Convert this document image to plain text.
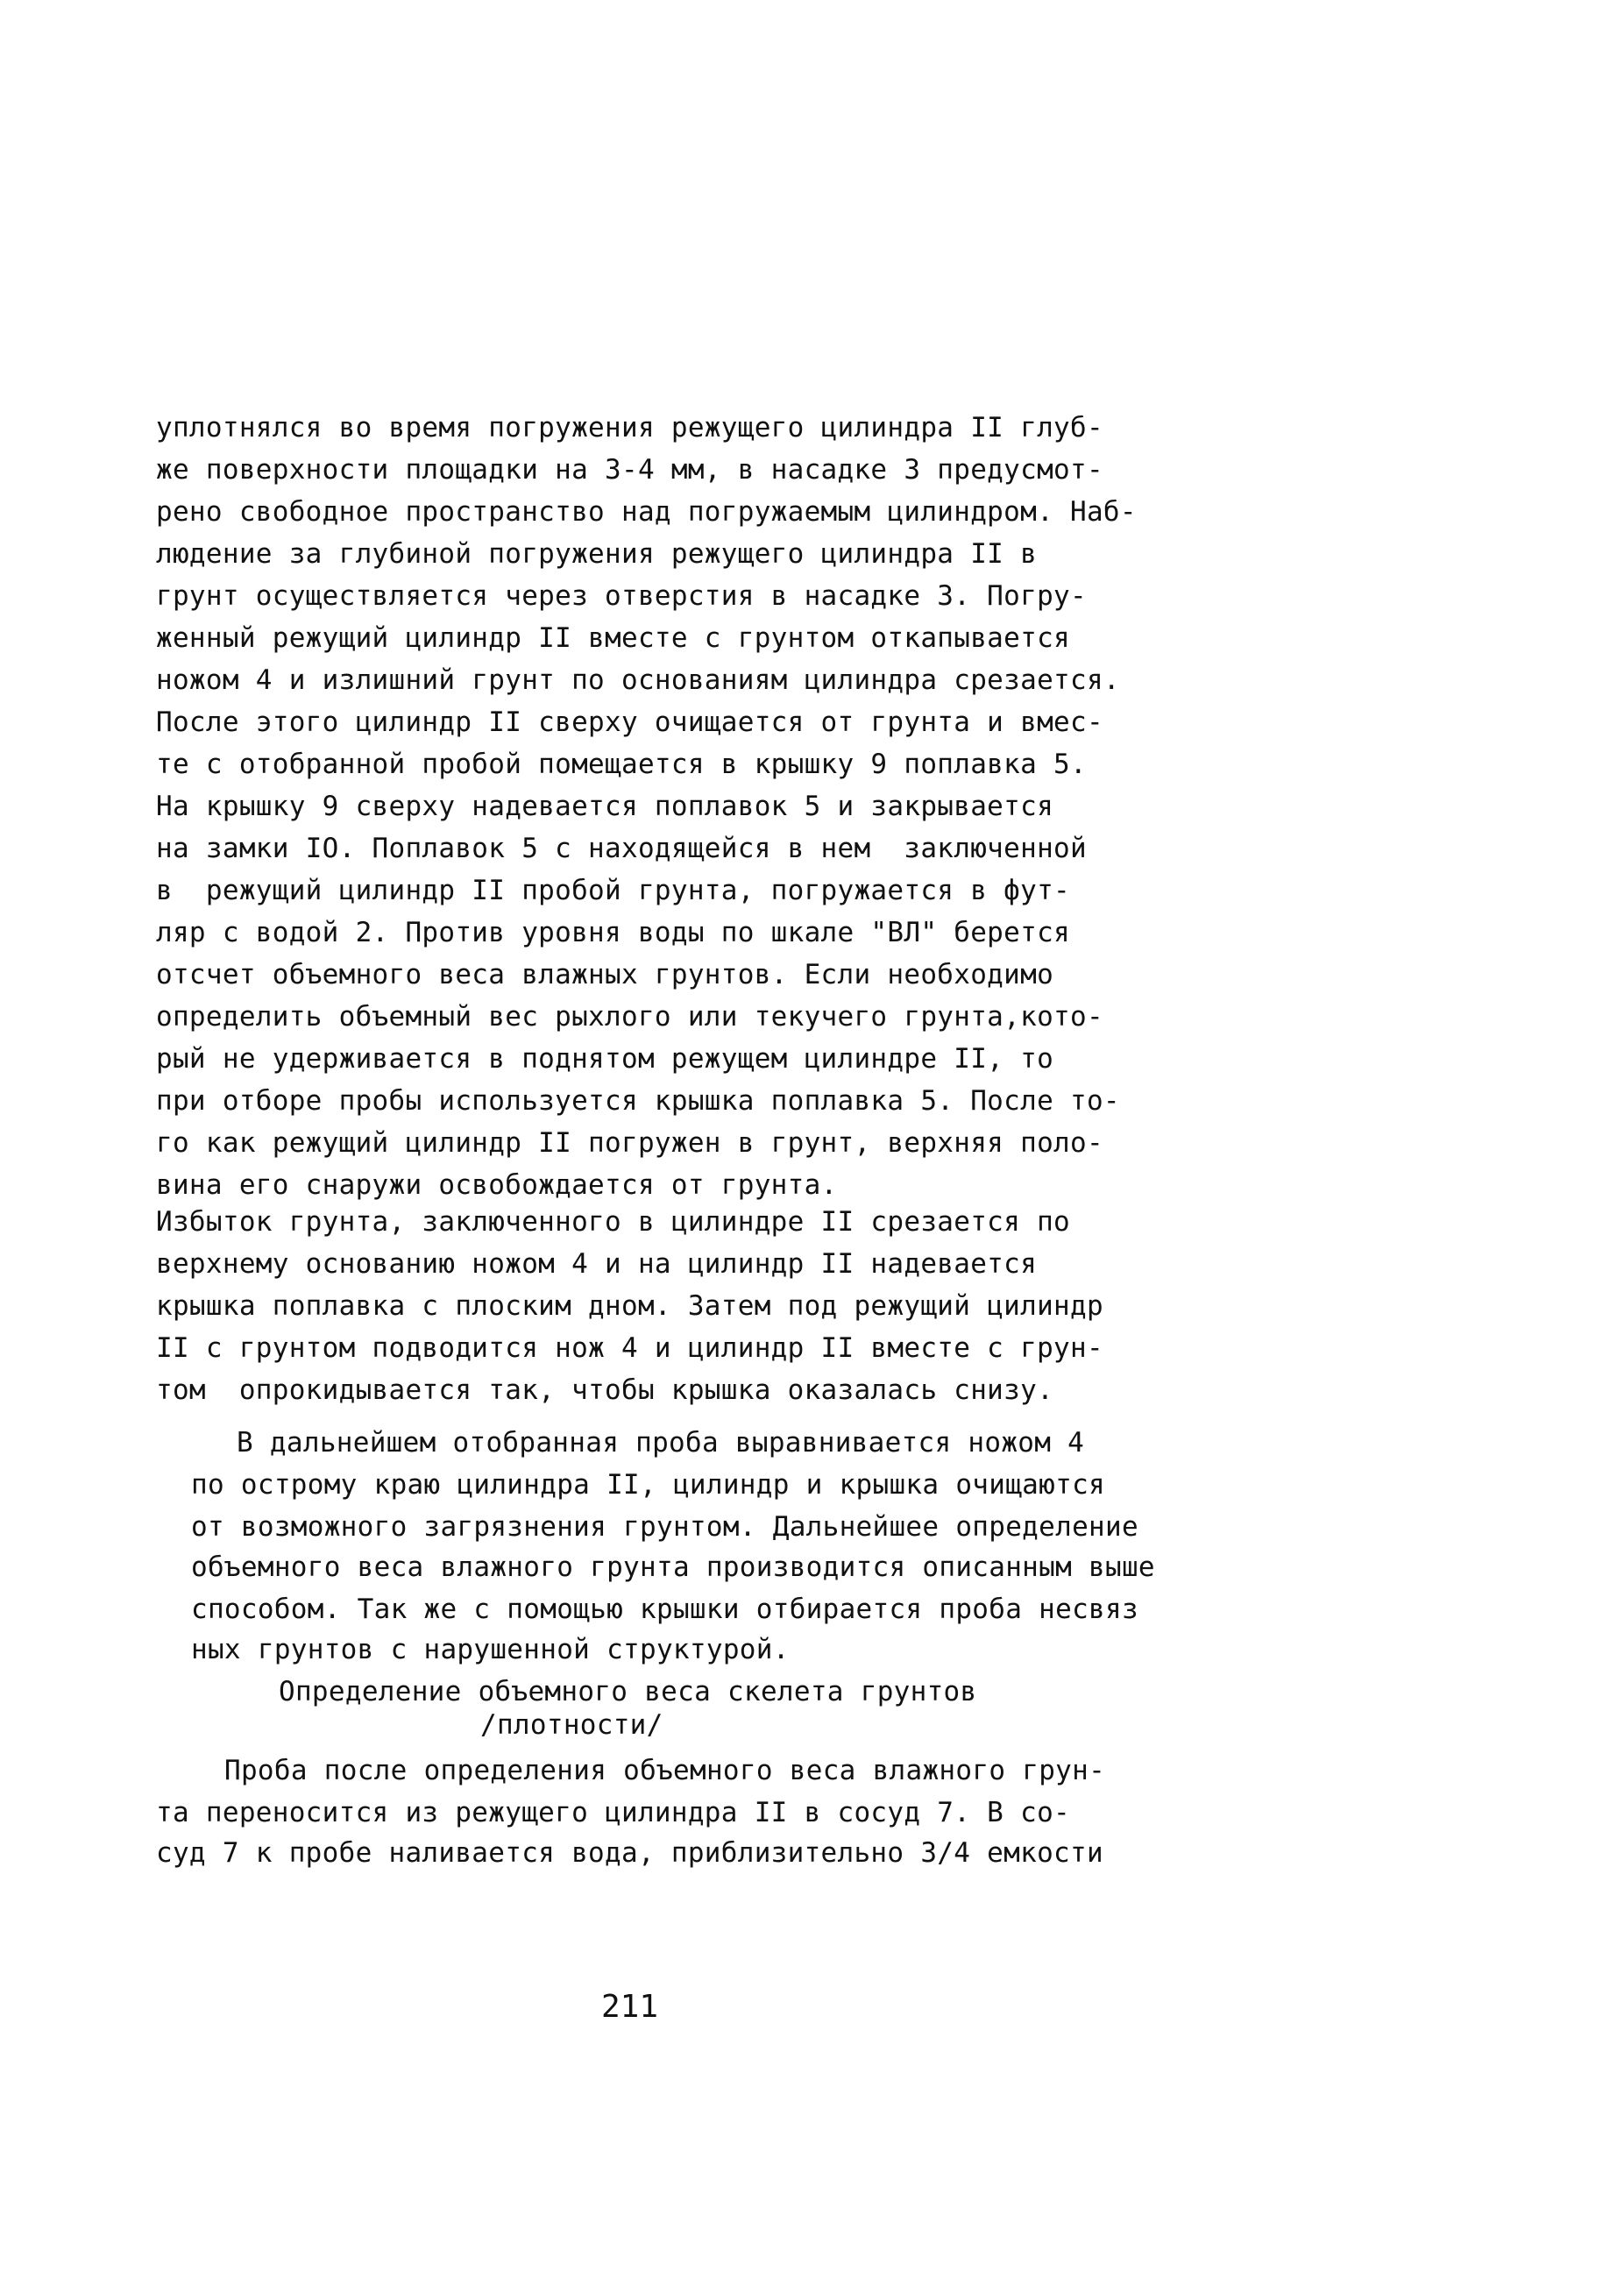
уплотнялся во время погружения режущего цилиндра II глуб-
же поверхности площадки на 3-4 мм, в насадке 3 предусмот-
рено свободное пространство над погружаемым цилиндром. Наб-
людение за глубиной погружения режущего цилиндра II в
грунт осуществляется через отверстия в насадке 3. Погру-
женный режущий цилиндр II вместе с грунтом откапывается
ножом 4 и излишний грунт по основаниям цилиндра срезается.
После этого цилиндр II сверху очищается от грунта и вмес-
те с отобранной пробой помещается в крышку 9 поплавка 5.
На крышку 9 сверху надевается поплавок 5 и закрывается
на замки IO. Поплавок 5 с находящейся в нем  заключенной
в  режущий цилиндр II пробой грунта, погружается в фут-
ляр с водой 2. Против уровня воды по шкале "ВЛ" берется
отсчет объемного веса влажных грунтов. Если необходимо
определить объемный вес рыхлого или текучего грунта,кото-
рый не удерживается в поднятом режущем цилиндре II, то
при отборе пробы используется крышка поплавка 5. После то-
го как режущий цилиндр II погружен в грунт, верхняя поло-
вина его снаружи освобождается от грунта.
Избыток грунта, заключенного в цилиндре II срезается по
верхнему основанию ножом 4 и на цилиндр II надевается
крышка поплавка с плоским дном. Затем под режущий цилиндр
II с грунтом подводится нож 4 и цилиндр II вместе с грун-
том  опрокидывается так, чтобы крышка оказалась снизу.
В дальнейшем отобранная проба выравнивается ножом 4
по острому краю цилиндра II, цилиндр и крышка очищаются
от возможного загрязнения грунтом. Дальнейшее определение
объемного веса влажного грунта производится описанным выше
способом. Так же с помощью крышки отбирается проба несвяз
ных грунтов с нарушенной структурой.
Определение объемного веса скелета грунтов
/плотности/
Проба после определения объемного веса влажного грун-
та переносится из режущего цилиндра II в сосуд 7. В со-
суд 7 к пробе наливается вода, приблизительно 3/4 емкости
211
